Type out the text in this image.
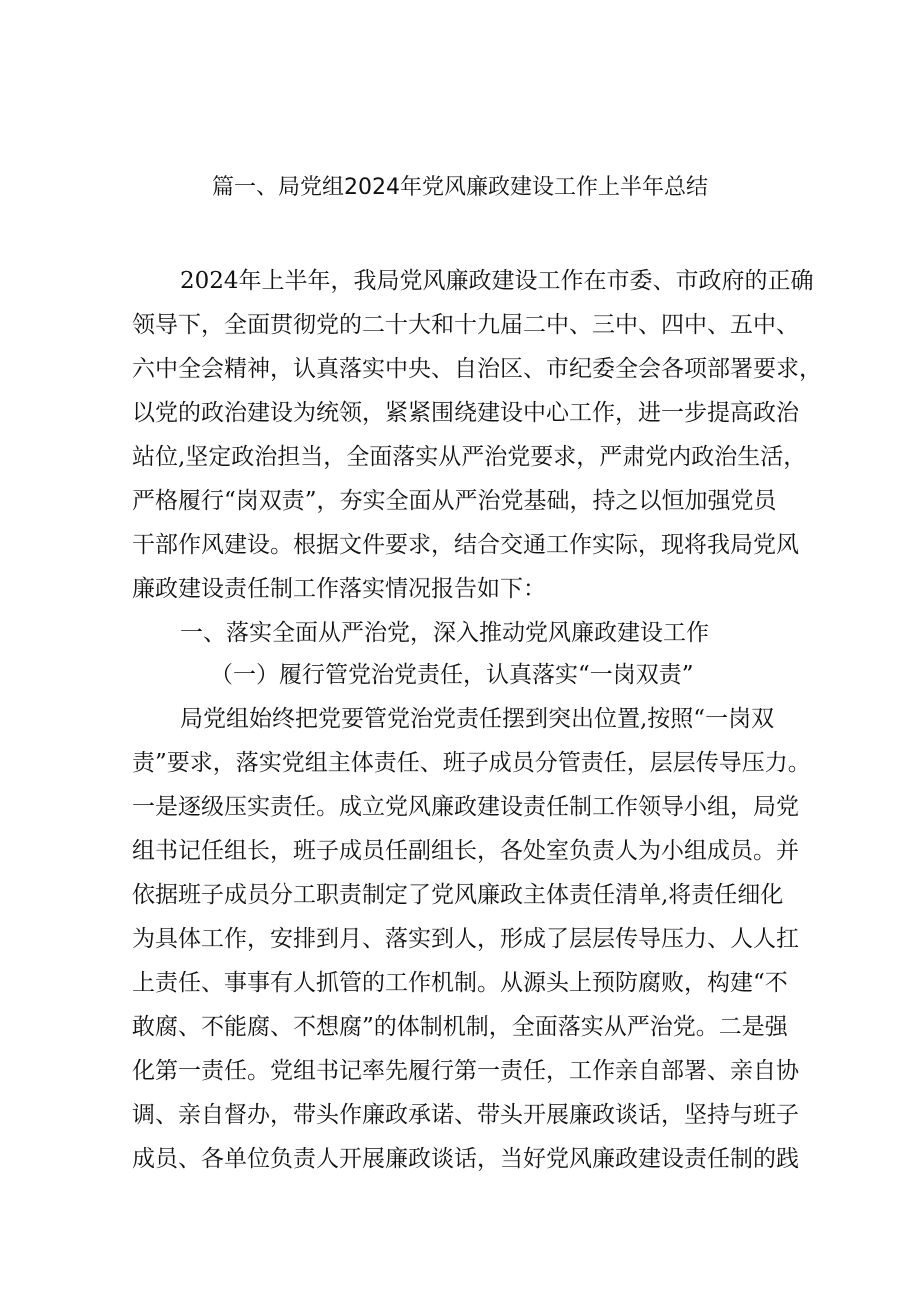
篇一、局党组2024年党风廉政建设工作上半年总结
2024年上半年，我局党风廉政建设工作在市委、市政府的正确
领导下，全面贯彻党的二十大和十九届二中、三中、四中、五中、
六中全会精神，认真落实中央、自治区、市纪委全会各项部署要求，
以党的政治建设为统领，紧紧围绕建设中心工作，进一步提高政治
站位,坚定政治担当，全面落实从严治党要求，严肃党内政治生活，
严格履行“岗双责”，夯实全面从严治党基础，持之以恒加强党员
干部作风建设。根据文件要求，结合交通工作实际，现将我局党风
廉政建设责任制工作落实情况报告如下：
一、落实全面从严治党，深入推动党风廉政建设工作
（一）履行管党治党责任，认真落实“一岗双责”
局党组始终把党要管党治党责任摆到突出位置,按照“一岗双
责”要求，落实党组主体责任、班子成员分管责任，层层传导压力。
一是逐级压实责任。成立党风廉政建设责任制工作领导小组，局党
组书记任组长，班子成员任副组长，各处室负责人为小组成员。并
依据班子成员分工职责制定了党风廉政主体责任清单,将责任细化
为具体工作，安排到月、落实到人，形成了层层传导压力、人人扛
上责任、事事有人抓管的工作机制。从源头上预防腐败，构建“不
敢腐、不能腐、不想腐”的体制机制，全面落实从严治党。二是强
化第一责任。党组书记率先履行第一责任，工作亲自部署、亲自协
调、亲自督办，带头作廉政承诺、带头开展廉政谈话，坚持与班子
成员、各单位负责人开展廉政谈话，当好党风廉政建设责任制的践
